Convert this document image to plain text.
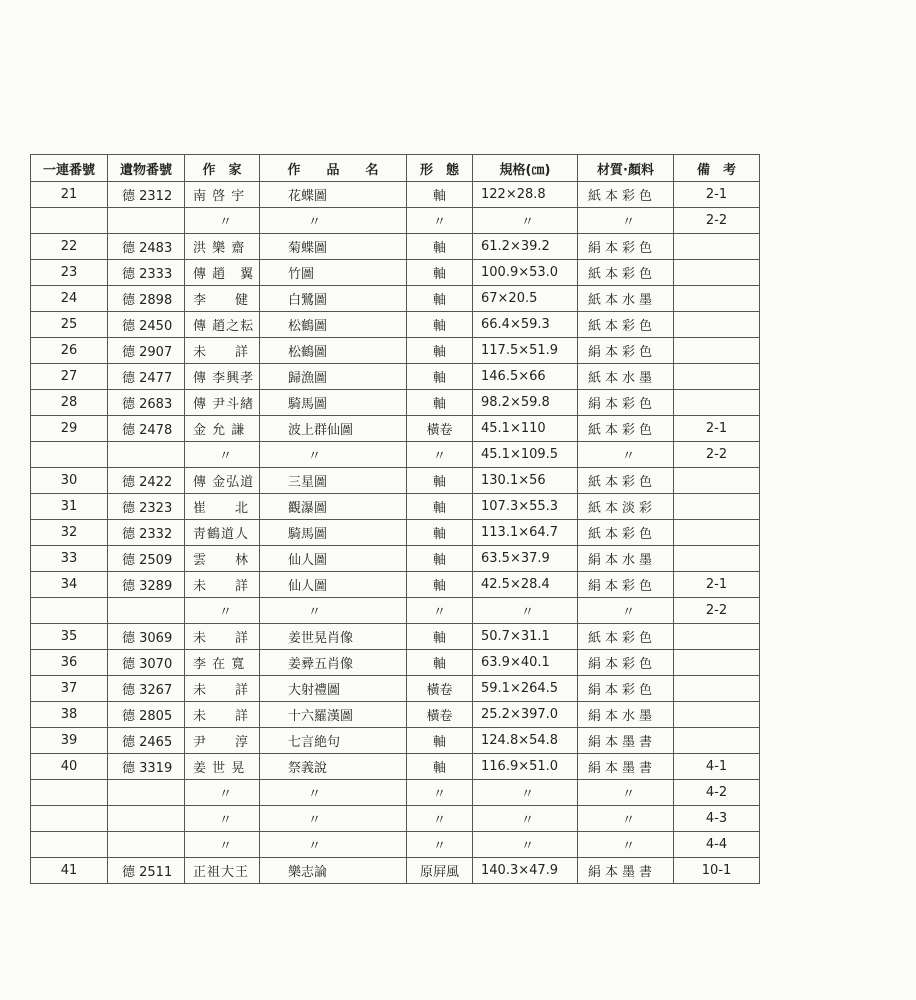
一連番號	遺物番號	作　家	作　　品　　名	形　態	規格(㎝)	材質·顏料	備　考
21	德 2312	南 啓 宇	花蝶圖	軸	122×28.8	紙本彩色	2-1
		〃	〃	〃	〃	〃	2-2
22	德 2483	洪 樂 齋	菊蝶圖	軸	61.2×39.2	絹本彩色	
23	德 2333	傳 趙　翼	竹圖	軸	100.9×53.0	紙本彩色	
24	德 2898	李　　健	白鷺圖	軸	67×20.5	紙本水墨	
25	德 2450	傳 趙之耘	松鶴圖	軸	66.4×59.3	紙本彩色	
26	德 2907	未　　詳	松鶴圖	軸	117.5×51.9	絹本彩色	
27	德 2477	傳 李興孝	歸漁圖	軸	146.5×66	紙本水墨	
28	德 2683	傳 尹斗緖	騎馬圖	軸	98.2×59.8	絹本彩色	
29	德 2478	金 允 謙	波上群仙圖	橫卷	45.1×110	紙本彩色	2-1
		〃	〃	〃	45.1×109.5	〃	2-2
30	德 2422	傳 金弘道	三星圖	軸	130.1×56	紙本彩色	
31	德 2323	崔　　北	觀瀑圖	軸	107.3×55.3	紙本淡彩	
32	德 2332	靑鶴道人	騎馬圖	軸	113.1×64.7	紙本彩色	
33	德 2509	雲　　林	仙人圖	軸	63.5×37.9	絹本水墨	
34	德 3289	未　　詳	仙人圖	軸	42.5×28.4	絹本彩色	2-1
		〃	〃	〃	〃	〃	2-2
35	德 3069	未　　詳	姜世晃肖像	軸	50.7×31.1	紙本彩色	
36	德 3070	李 在 寬	姜彛五肖像	軸	63.9×40.1	絹本彩色	
37	德 3267	未　　詳	大射禮圖	橫卷	59.1×264.5	絹本彩色	
38	德 2805	未　　詳	十六羅漢圖	橫卷	25.2×397.0	絹本水墨	
39	德 2465	尹　　淳	七言絶句	軸	124.8×54.8	絹本墨書	
40	德 3319	姜 世 晃	祭義說	軸	116.9×51.0	絹本墨書	4-1
		〃	〃	〃	〃	〃	4-2
		〃	〃	〃	〃	〃	4-3
		〃	〃	〃	〃	〃	4-4
41	德 2511	正祖大王	樂志論	原屛風	140.3×47.9	絹本墨書	10-1
